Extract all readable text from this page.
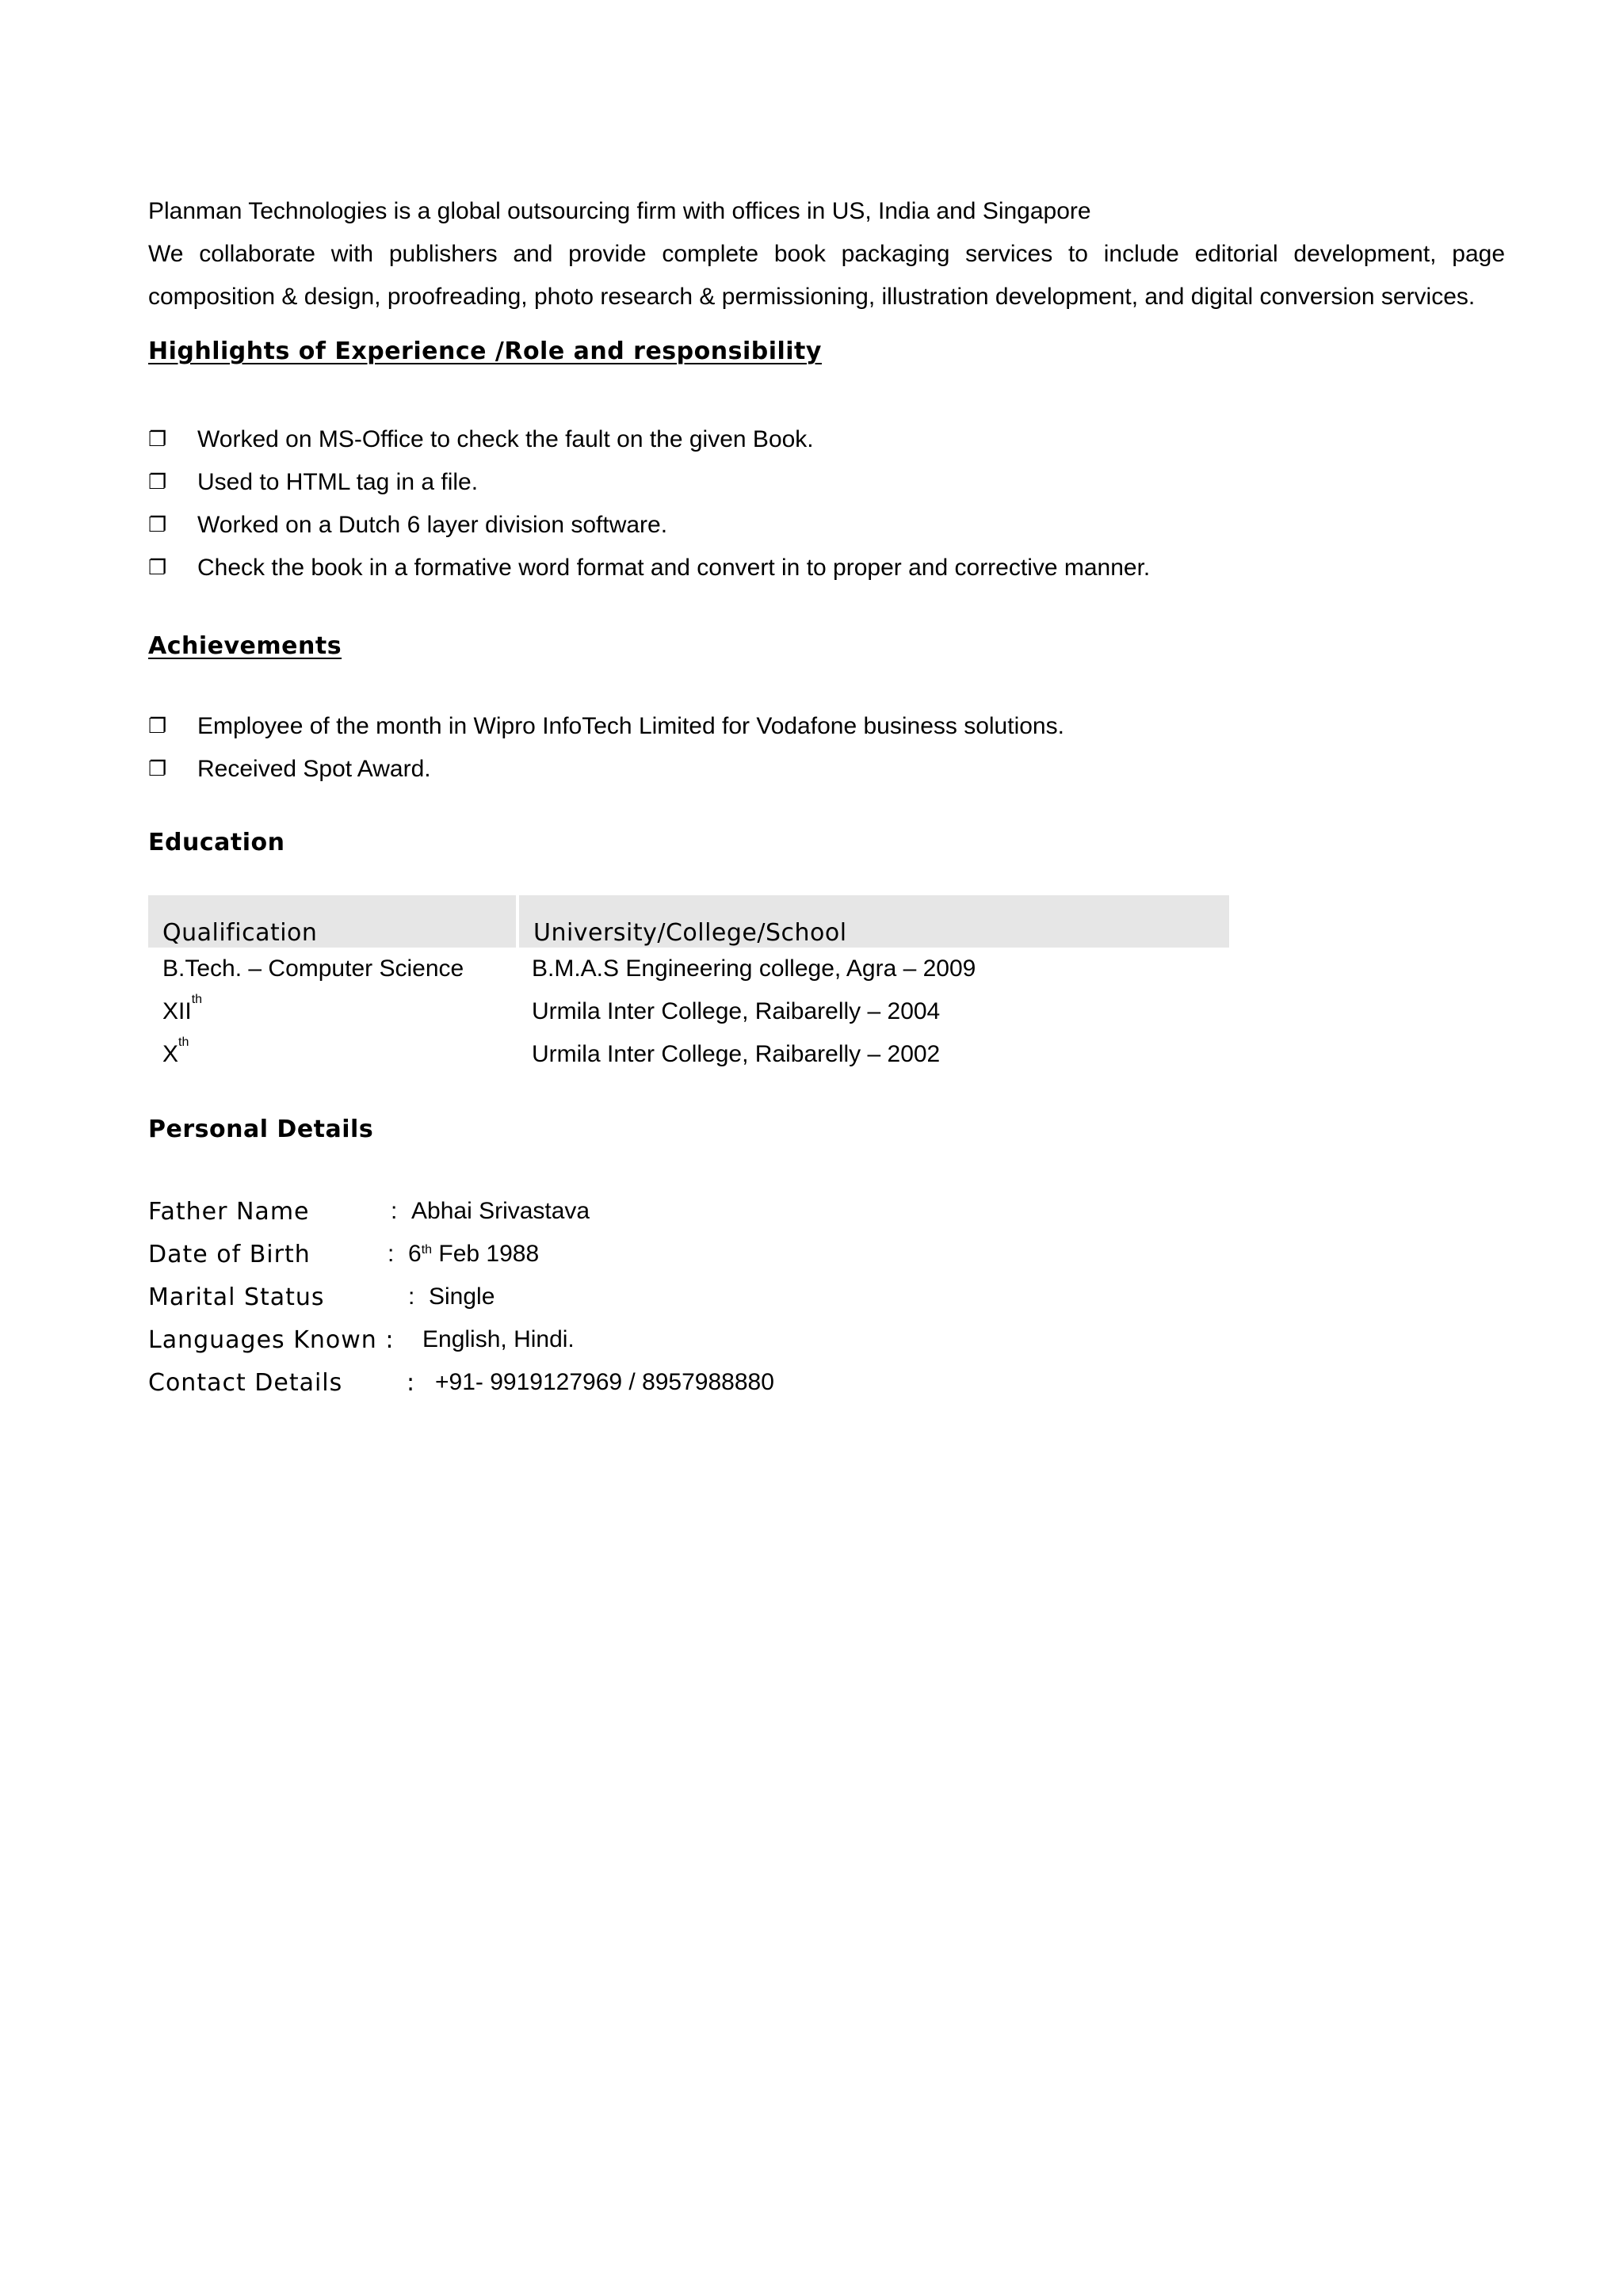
Planman Technologies is a global outsourcing firm with offices in US, India and Singapore

We collaborate with publishers and provide complete book packaging services to include editorial development, page composition & design, proofreading, photo research & permissioning, illustration development, and digital conversion services.

Highlights of Experience /Role and responsibility
❐	Worked on MS-Office to check the fault on the given Book.
❐	Used to HTML tag in a file.
❐	Worked on a Dutch 6 layer division software.
❐	Check the book in a formative word format and convert in to proper and corrective manner.
Achievements
❐	Employee of the month in Wipro InfoTech Limited for Vodafone business solutions.
❐	Received Spot Award.
Education
Qualification	University/College/School
B.Tech. – Computer Science	B.M.A.S Engineering college, Agra – 2009
XIIth	Urmila Inter College, Raibarelly – 2004
Xth	Urmila Inter College, Raibarelly – 2002
Personal Details
Father Name	: Abhai Srivastava
Date of Birth	: 6th Feb 1988
Marital Status	: Single
Languages Known :	English, Hindi.
Contact Details	: +91- 9919127969 / 8957988880
